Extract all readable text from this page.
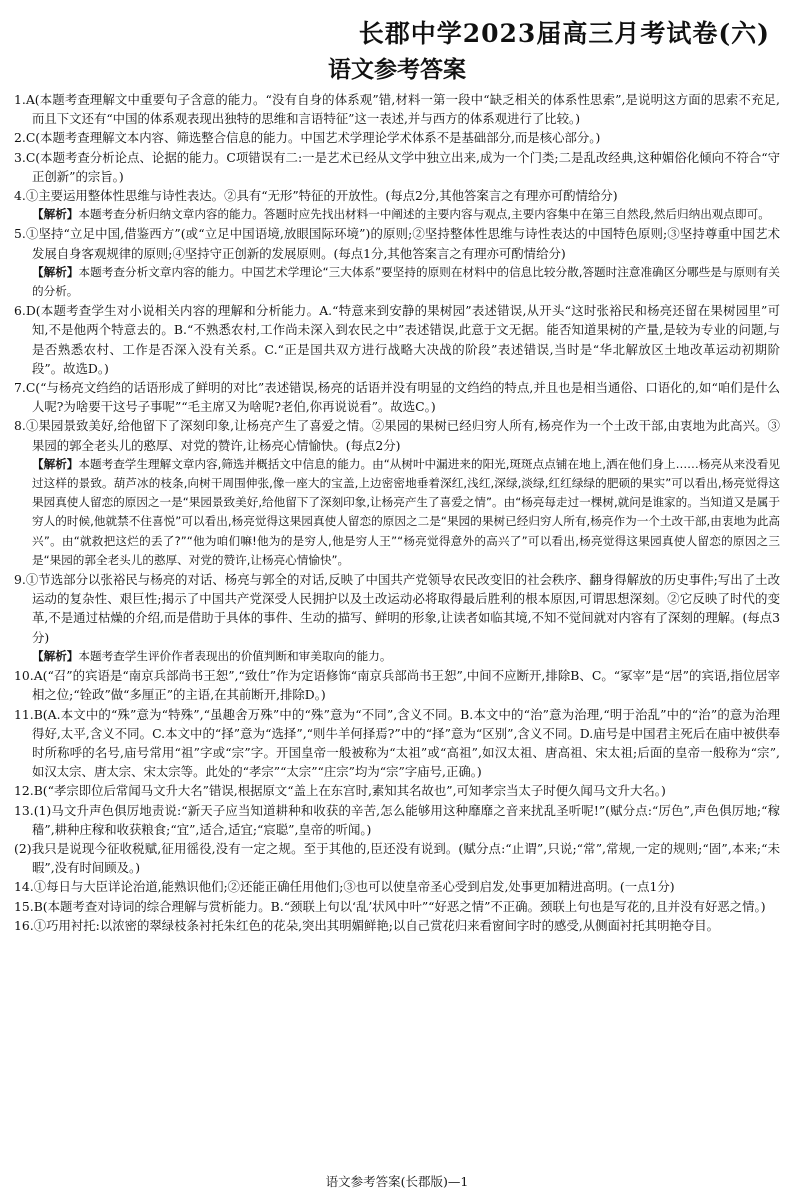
长郡中学2023届高三月考试卷(六)
语文参考答案

1.A(本题考查理解文中重要句子含意的能力。“没有自身的体系观”错,材料一第一段中“缺乏相关的体系性思索”,是说明这方面的思索不充足,而且下文还有“中国的体系观表现出独特的思维和言语特征”这一表述,并与西方的体系观进行了比较。)

2.C(本题考查理解文本内容、筛选整合信息的能力。中国艺术学理论学术体系不是基础部分,而是核心部分。)

3.C(本题考查分析论点、论据的能力。C项错误有二:一是艺术已经从文学中独立出来,成为一个门类;二是乱改经典,这种媚俗化倾向不符合“守正创新”的宗旨。)

4.①主要运用整体性思维与诗性表达。②具有“无形”特征的开放性。(每点2分,其他答案言之有理亦可酌情给分)

【解析】本题考查分析归纳文章内容的能力。答题时应先找出材料一中阐述的主要内容与观点,主要内容集中在第三自然段,然后归纳出观点即可。

5.①坚持“立足中国,借鉴西方”(或“立足中国语境,放眼国际环境”)的原则;②坚持整体性思维与诗性表达的中国特色原则;③坚持尊重中国艺术发展自身客观规律的原则;④坚持守正创新的发展原则。(每点1分,其他答案言之有理亦可酌情给分)

【解析】本题考查分析文章内容的能力。中国艺术学理论“三大体系”要坚持的原则在材料中的信息比较分散,答题时注意准确区分哪些是与原则有关的分析。

6.D(本题考查学生对小说相关内容的理解和分析能力。A.“特意来到安静的果树园”表述错误,从开头“这时张裕民和杨亮还留在果树园里”可知,不是他两个特意去的。B.“不熟悉农村,工作尚未深入到农民之中”表述错误,此意于文无据。能否知道果树的产量,是较为专业的问题,与是否熟悉农村、工作是否深入没有关系。C.“正是国共双方进行战略大决战的阶段”表述错误,当时是“华北解放区土地改革运动初期阶段”。故选D。)

7.C(“与杨亮文绉绉的话语形成了鲜明的对比”表述错误,杨亮的话语并没有明显的文绉绉的特点,并且也是相当通俗、口语化的,如“咱们是什么人呢?为啥要干这号子事呢”“毛主席又为啥呢?老伯,你再说说看”。故选C。)

8.①果园景致美好,给他留下了深刻印象,让杨亮产生了喜爱之情。②果园的果树已经归穷人所有,杨亮作为一个土改干部,由衷地为此高兴。③果园的郭全老头儿的憨厚、对党的赞许,让杨亮心情愉快。(每点2分)

【解析】本题考查学生理解文章内容,筛选并概括文中信息的能力。由“从树叶中漏进来的阳光,斑斑点点铺在地上,洒在他们身上……杨亮从来没看见过这样的景致。葫芦冰的枝条,向树干周围伸张,像一座大的宝盖,上边密密地垂着深红,浅红,深绿,淡绿,红红绿绿的肥硕的果实”可以看出,杨亮觉得这果园真使人留恋的原因之一是“果园景致美好,给他留下了深刻印象,让杨亮产生了喜爱之情”。由“杨亮每走过一棵树,就问是谁家的。当知道又是属于穷人的时候,他就禁不住喜悦”可以看出,杨亮觉得这果园真使人留恋的原因之二是“果园的果树已经归穷人所有,杨亮作为一个土改干部,由衷地为此高兴”。由“就救把这烂的丢了?”“他为咱们嘛!他为的是穷人,他是穷人王”“杨亮觉得意外的高兴了”可以看出,杨亮觉得这果园真使人留恋的原因之三是“果园的郭全老头儿的憨厚、对党的赞许,让杨亮心情愉快”。

9.①节选部分以张裕民与杨亮的对话、杨亮与郭全的对话,反映了中国共产党领导农民改变旧的社会秩序、翻身得解放的历史事件;写出了土改运动的复杂性、艰巨性;揭示了中国共产党深受人民拥护以及土改运动必将取得最后胜利的根本原因,可谓思想深刻。②它反映了时代的变革,不是通过枯燥的介绍,而是借助于具体的事件、生动的描写、鲜明的形象,让读者如临其境,不知不觉间就对内容有了深刻的理解。(每点3分)

【解析】本题考查学生评价作者表现出的价值判断和审美取向的能力。

10.A(“召”的宾语是“南京兵部尚书王恕”,“致仕”作为定语修饰“南京兵部尚书王恕”,中间不应断开,排除B、C。“冢宰”是“居”的宾语,指位居宰相之位;“铨政”做“多厘正”的主语,在其前断开,排除D。)

11.B(A.本文中的“殊”意为“特殊”,“虽趣舍万殊”中的“殊”意为“不同”,含义不同。B.本文中的“治”意为治理,“明于治乱”中的“治”的意为治理得好,太平,含义不同。C.本文中的“择”意为“选择”,“则牛羊何择焉?”中的“择”意为“区别”,含义不同。D.庙号是中国君主死后在庙中被供奉时所称呼的名号,庙号常用“祖”字或“宗”字。开国皇帝一般被称为“太祖”或“高祖”,如汉太祖、唐高祖、宋太祖;后面的皇帝一般称为“宗”,如汉太宗、唐太宗、宋太宗等。此处的“孝宗”“太宗”“庄宗”均为“宗”字庙号,正确。)

12.B(“孝宗即位后常闻马文升大名”错误,根据原文“盖上在东宫时,素知其名故也”,可知孝宗当太子时便久闻马文升大名。)

13.(1)马文升声色俱厉地责说:“新天子应当知道耕种和收获的辛苦,怎么能够用这种靡靡之音来扰乱圣听呢!”(赋分点:“厉色”,声色俱厉地;“稼穑”,耕种庄稼和收获粮食;“宜”,适合,适宜;“宸聪”,皇帝的听闻。)

(2)我只是说现今征收税赋,征用徭役,没有一定之规。至于其他的,臣还没有说到。(赋分点:“止谓”,只说;“常”,常规,一定的规则;“固”,本来;“未暇”,没有时间顾及。)

14.①每日与大臣详论治道,能熟识他们;②还能正确任用他们;③也可以使皇帝圣心受到启发,处事更加精进高明。(一点1分)

15.B(本题考查对诗词的综合理解与赏析能力。B.“颈联上句以‘乱’状风中叶”“好恶之情”不正确。颈联上句也是写花的,且并没有好恶之情。)

16.①巧用衬托:以浓密的翠绿枝条衬托朱红色的花朵,突出其明媚鲜艳;以自己赏花归来看窗间字时的感受,从侧面衬托其明艳夺目。

语文参考答案(长郡版)—1
